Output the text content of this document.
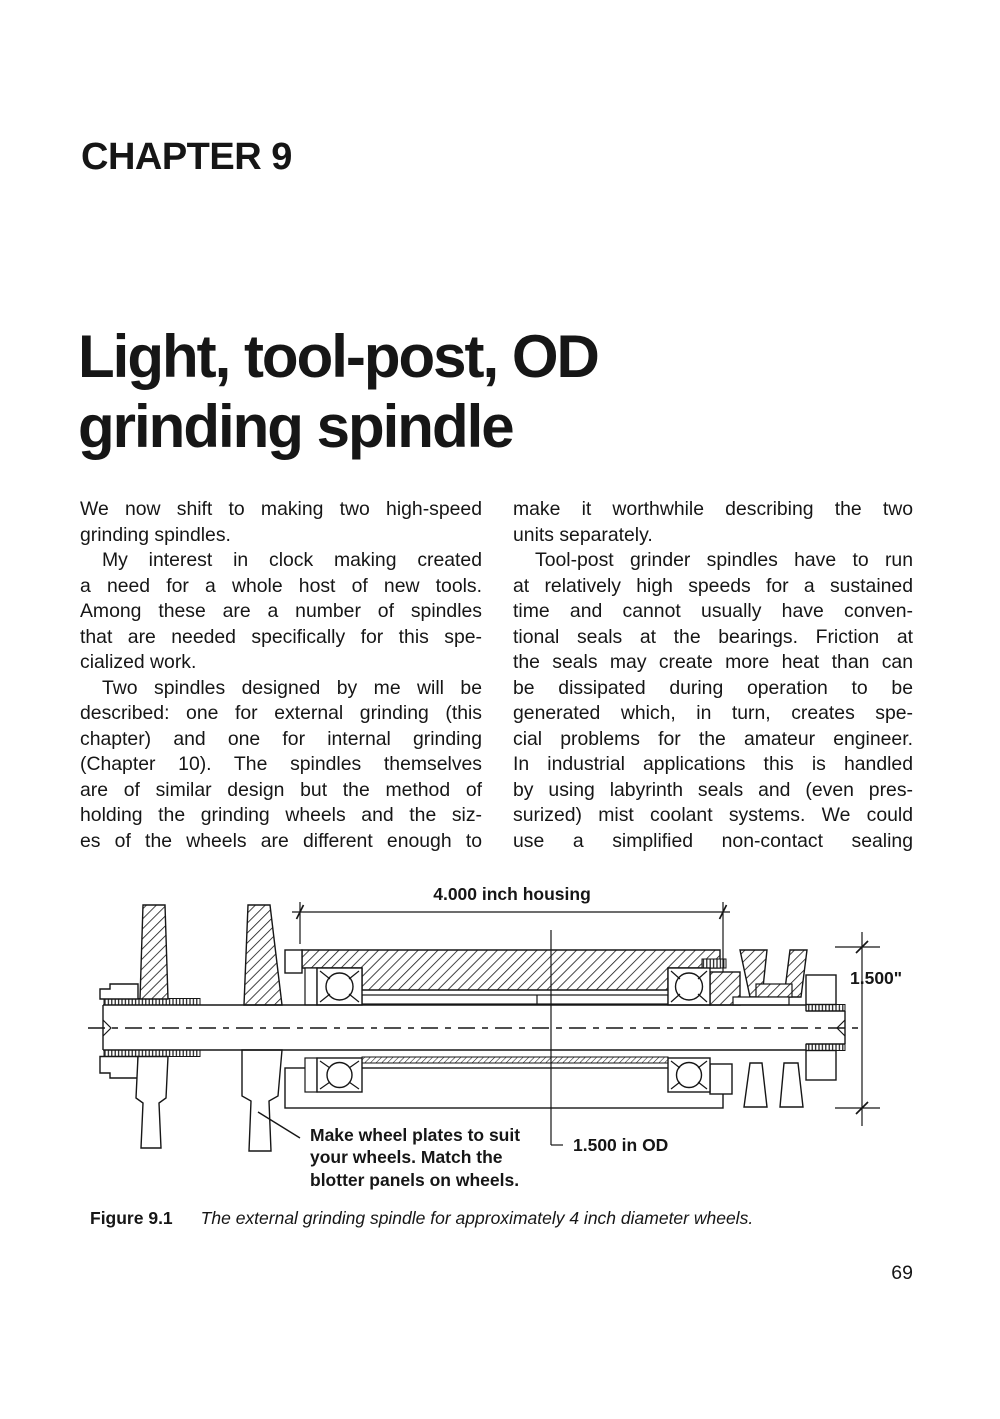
CHAPTER 9
Light, tool-post, OD
grinding spindle
We now shift to making two high-speed
grinding spindles.
My interest in clock making created
a need for a whole host of new tools.
Among these are a number of spindles
that are needed specifically for this spe-
cialized work.
Two spindles designed by me will be
described: one for external grinding (this
chapter) and one for internal grinding
(Chapter 10). The spindles themselves
are of similar design but the method of
holding the grinding wheels and the siz-
es of the wheels are different enough to
make it worthwhile describing the two
units separately.
Tool-post grinder spindles have to run
at relatively high speeds for a sustained
time and cannot usually have conven-
tional seals at the bearings. Friction at
the seals may create more heat than can
be dissipated during operation to be
generated which, in turn, creates spe-
cial problems for the amateur engineer.
In industrial applications this is handled
by using labyrinth seals and (even pres-
surized) mist coolant systems. We could
use a simplified non-contact sealing
4.000 inch housing
1.500 in OD
1.500"
Make wheel plates to suit
your wheels. Match the
blotter panels on wheels.
Figure 9.1 The external grinding spindle for approximately 4 inch diameter wheels.
69
